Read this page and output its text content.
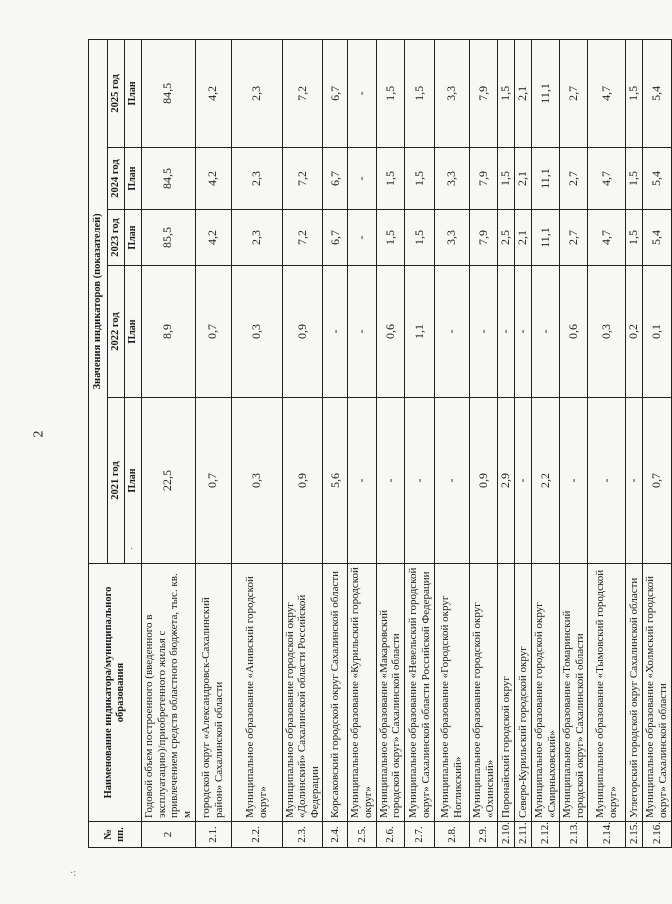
2
·
·:
№ пп.	Наименование индикатора/муниципального образования	Значения индикаторов (показателей)				
		2021 год	2022 год	2023 год	2024 год	2025 год
		План	План	План	План	План
2	Годовой объем построенного (введенного в эксплуатацию)/приобретенного жилья с привлечением средств областного бюджета, тыс. кв. м	22,5	8,9	85,5	84,5	84,5
2.1.	городской округ «Александровск-Сахалинский район» Сахалинской области	0,7	0,7	4,2	4,2	4,2
2.2.	Муниципальное образование «Анивский городской округ»	0,3	0,3	2,3	2,3	2,3
2.3.	Муниципальное образование городской округ «Долинский» Сахалинской области Российской Федерации	0,9	0,9	7,2	7,2	7,2
2.4.	Корсаковский городской округ Сахалинской области	5,6	-	6,7	6,7	6,7
2.5.	Муниципальное образование «Курильский городской округ»	-	-	-	-	-
2.6.	Муниципальное образование «Макаровский городской округ» Сахалинской области	-	0,6	1,5	1,5	1,5
2.7.	Муниципальное образование «Невельский городской округ» Сахалинской области Российской Федерации	-	1,1	1,5	1,5	1,5
2.8.	Муниципальное образование «Городской округ Ногликский»	-	-	3,3	3,3	3,3
2.9.	Муниципальное образование городской округ «Охинский»	0,9	-	7,9	7,9	7,9
2.10.	Поронайский городской округ	2,9	-	2,5	1,5	1,5
2.11.	Северо-Курильский городской округ	-	-	2,1	2,1	2,1
2.12.	Муниципальное образование городской округ «Смирныховский»	2,2	-	11,1	11,1	11,1
2.13.	Муниципальное образование «Томаринский городской округ» Сахалинской области	-	0,6	2,7	2,7	2,7
2.14.	Муниципальное образование «Тымовский городской округ»	-	0,3	4,7	4,7	4,7
2.15.	Углегорский городской округ Сахалинской области	-	0,2	1,5	1,5	1,5
2.16.	Муниципальное образование «Холмский городской округ» Сахалинской области	0,7	0,1	5,4	5,4	5,4
